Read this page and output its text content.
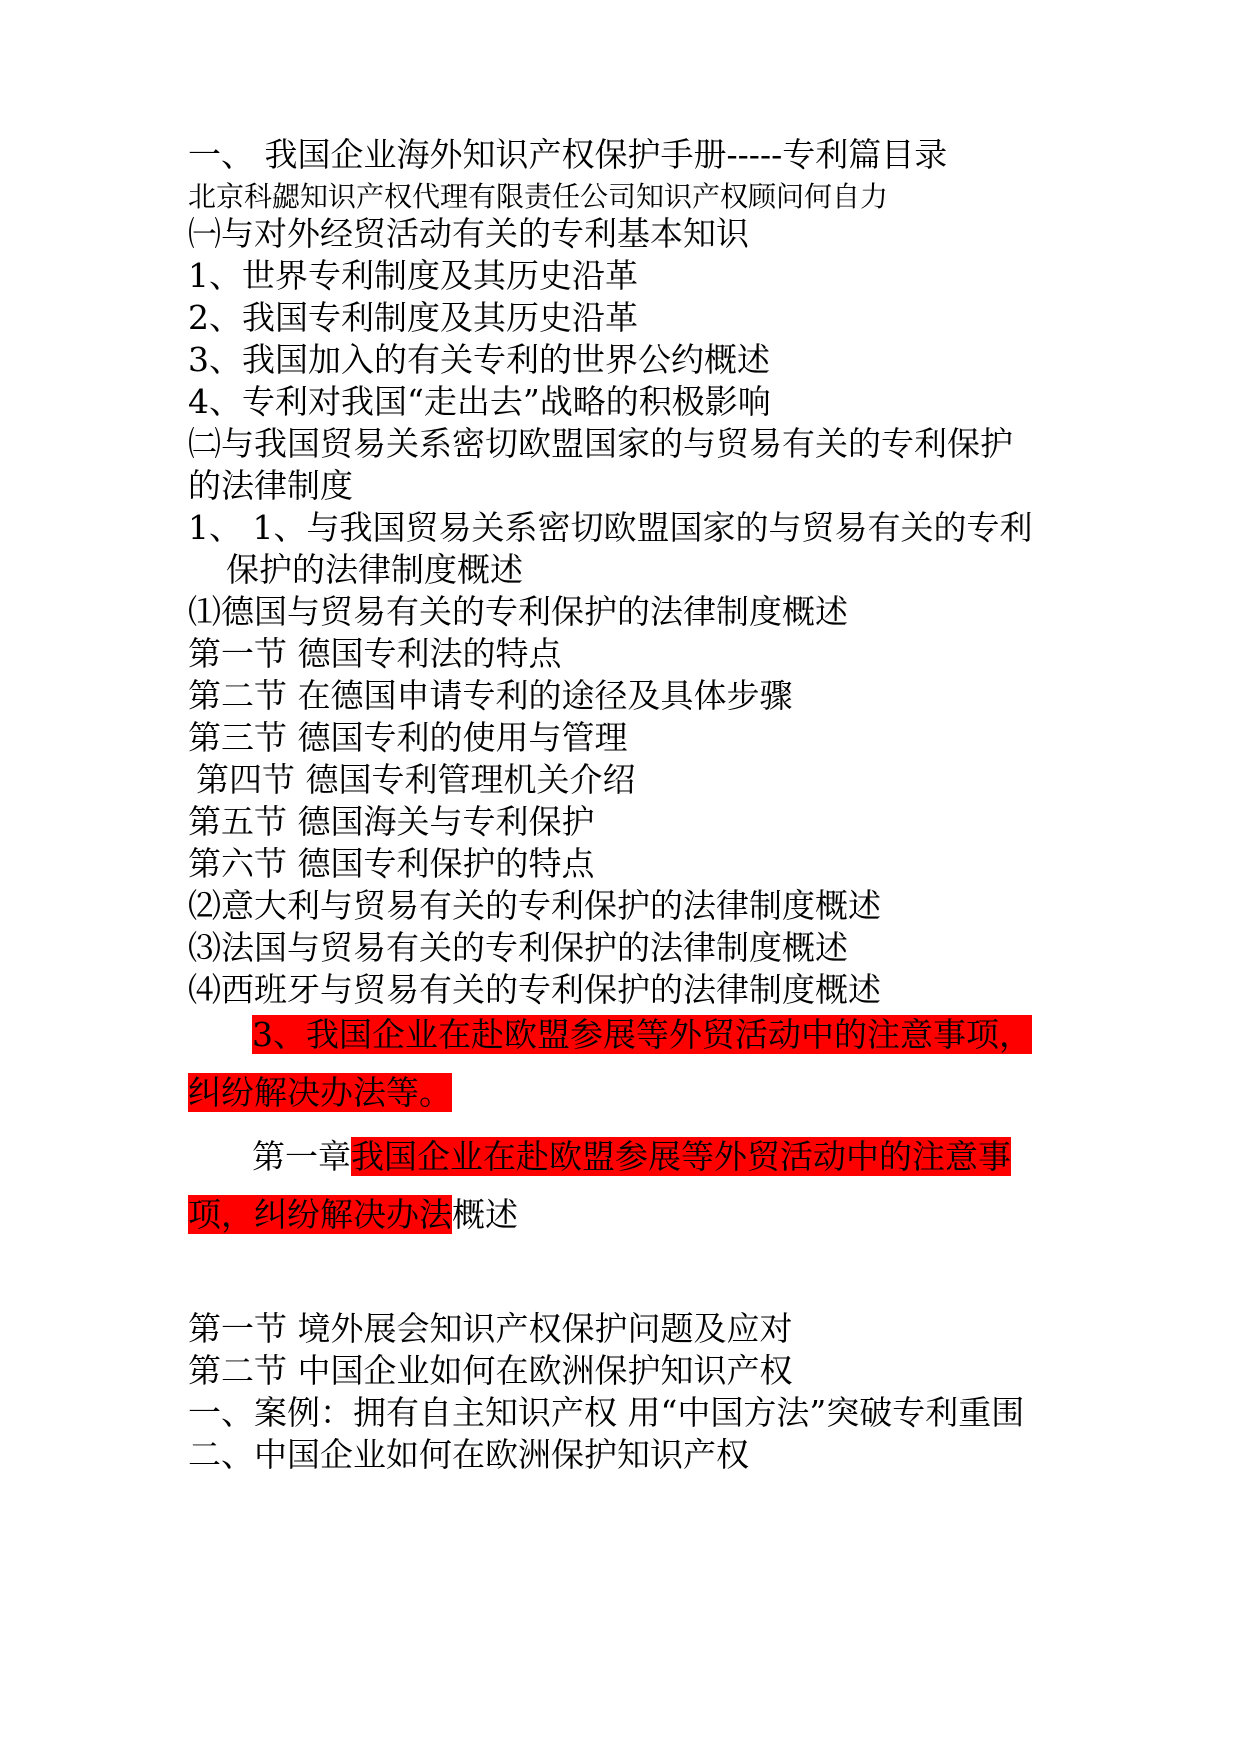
一、 我国企业海外知识产权保护手册-----专利篇目录
北京科勰知识产权代理有限责任公司知识产权顾问何自力
㈠与对外经贸活动有关的专利基本知识
1、世界专利制度及其历史沿革
2、我国专利制度及其历史沿革
3、我国加入的有关专利的世界公约概述
4、专利对我国“走出去”战略的积极影响
㈡与我国贸易关系密切欧盟国家的与贸易有关的专利保护
的法律制度
1、 1、与我国贸易关系密切欧盟国家的与贸易有关的专利
保护的法律制度概述
⑴德国与贸易有关的专利保护的法律制度概述
第一节 德国专利法的特点
第二节 在德国申请专利的途径及具体步骤
第三节 德国专利的使用与管理
第四节 德国专利管理机关介绍
第五节 德国海关与专利保护
第六节 德国专利保护的特点
⑵意大利与贸易有关的专利保护的法律制度概述
⑶法国与贸易有关的专利保护的法律制度概述
⑷西班牙与贸易有关的专利保护的法律制度概述
3、我国企业在赴欧盟参展等外贸活动中的注意事项，
纠纷解决办法等。
第一章我国企业在赴欧盟参展等外贸活动中的注意事
项，纠纷解决办法概述
第一节 境外展会知识产权保护问题及应对
第二节 中国企业如何在欧洲保护知识产权
一、案例：拥有自主知识产权 用“中国方法”突破专利重围
二、中国企业如何在欧洲保护知识产权
